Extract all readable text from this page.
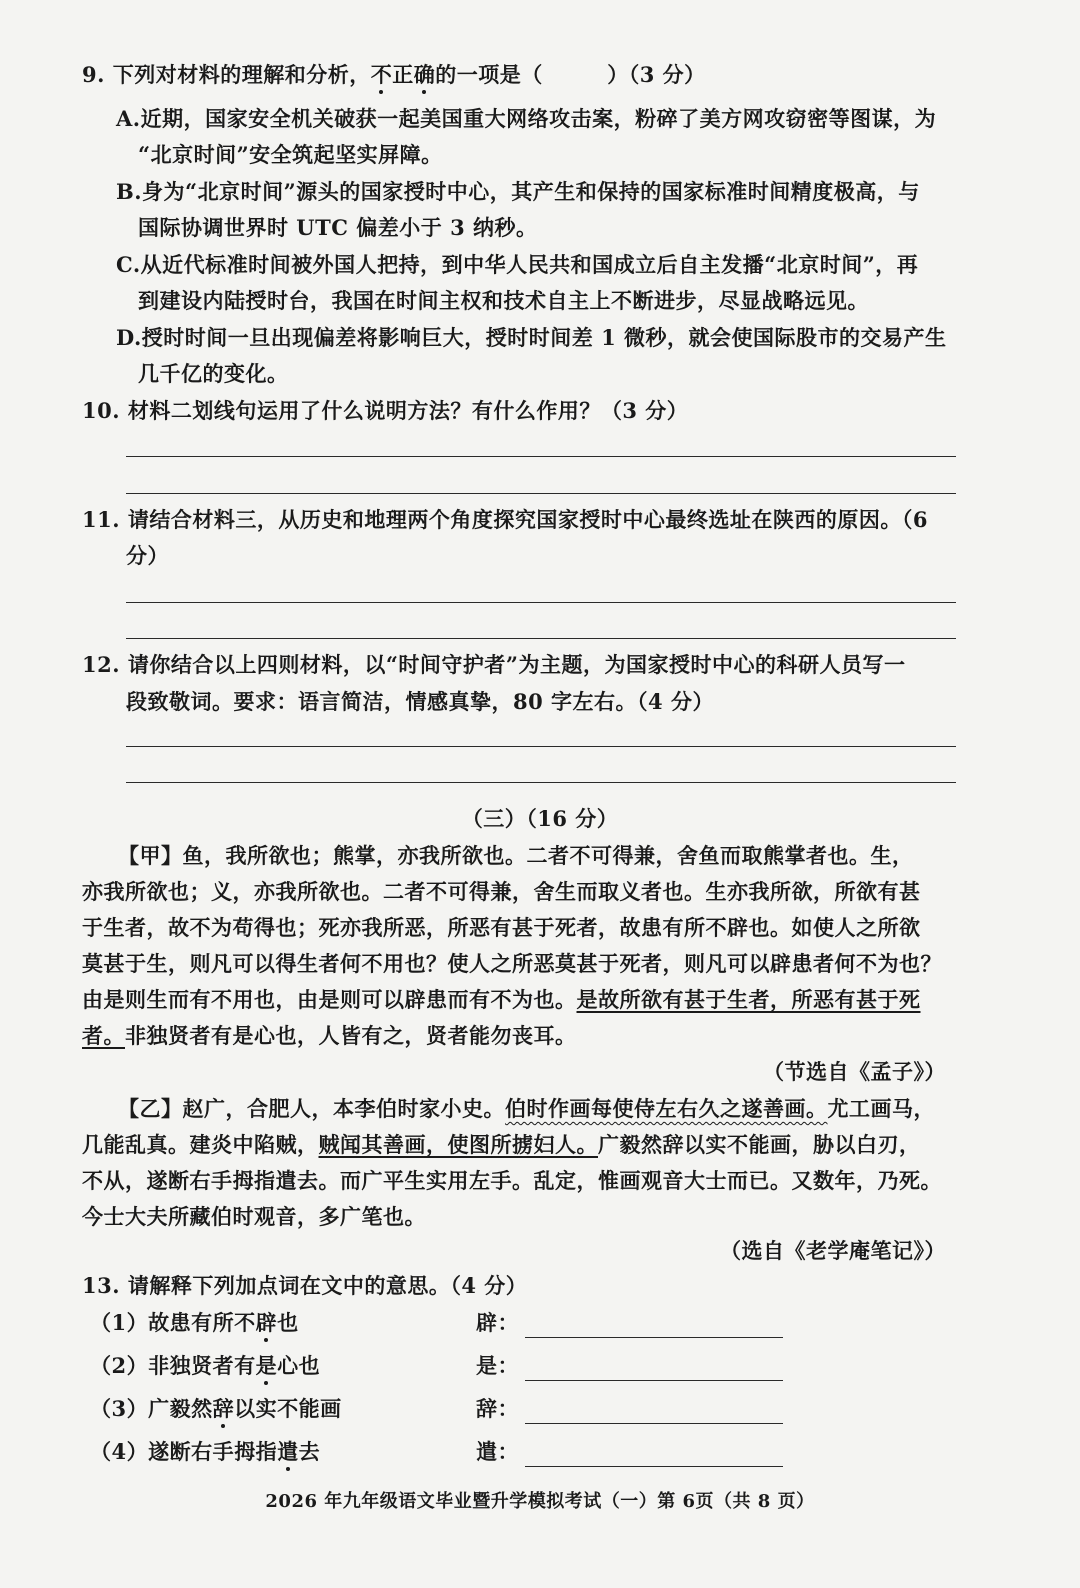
9. 下列对材料的理解和分析，不正确的一项是（　　　）（3 分）
A.近期，国家安全机关破获一起美国重大网络攻击案，粉碎了美方网攻窃密等图谋，为
“北京时间”安全筑起坚实屏障。
B.身为“北京时间”源头的国家授时中心，其产生和保持的国家标准时间精度极高，与
国际协调世界时 UTC 偏差小于 3 纳秒。
C.从近代标准时间被外国人把持，到中华人民共和国成立后自主发播“北京时间”，再
到建设内陆授时台，我国在时间主权和技术自主上不断进步，尽显战略远见。
D.授时时间一旦出现偏差将影响巨大，授时时间差 1 微秒，就会使国际股市的交易产生
几千亿的变化。
10. 材料二划线句运用了什么说明方法？有什么作用？（3 分）
11. 请结合材料三，从历史和地理两个角度探究国家授时中心最终选址在陕西的原因。（6
分）
12. 请你结合以上四则材料，以“时间守护者”为主题，为国家授时中心的科研人员写一
段致敬词。要求：语言简洁，情感真挚，80 字左右。（4 分）
（三）（16 分）
【甲】鱼，我所欲也；熊掌，亦我所欲也。二者不可得兼，舍鱼而取熊掌者也。生，
亦我所欲也；义，亦我所欲也。二者不可得兼，舍生而取义者也。生亦我所欲，所欲有甚
于生者，故不为苟得也；死亦我所恶，所恶有甚于死者，故患有所不辟也。如使人之所欲
莫甚于生，则凡可以得生者何不用也？使人之所恶莫甚于死者，则凡可以辟患者何不为也？
由是则生而有不用也，由是则可以辟患而有不为也。是故所欲有甚于生者，所恶有甚于死
者。非独贤者有是心也，人皆有之，贤者能勿丧耳。
（节选自《孟子》）
【乙】赵广，合肥人，本李伯时家小史。伯时作画每使侍左右久之遂善画。尤工画马，
几能乱真。建炎中陷贼，贼闻其善画，使图所掳妇人。广毅然辞以实不能画，胁以白刃，
不从，遂断右手拇指遣去。而广平生实用左手。乱定，惟画观音大士而已。又数年，乃死。
今士大夫所藏伯时观音，多广笔也。
（选自《老学庵笔记》）
13. 请解释下列加点词在文中的意思。（4 分）
（1）故患有所不辟也	辟：
（2）非独贤者有是心也	是：
（3）广毅然辞以实不能画	辞：
（4）遂断右手拇指遣去	遣：
2026 年九年级语文毕业暨升学模拟考试（一）第 6页（共 8 页）
